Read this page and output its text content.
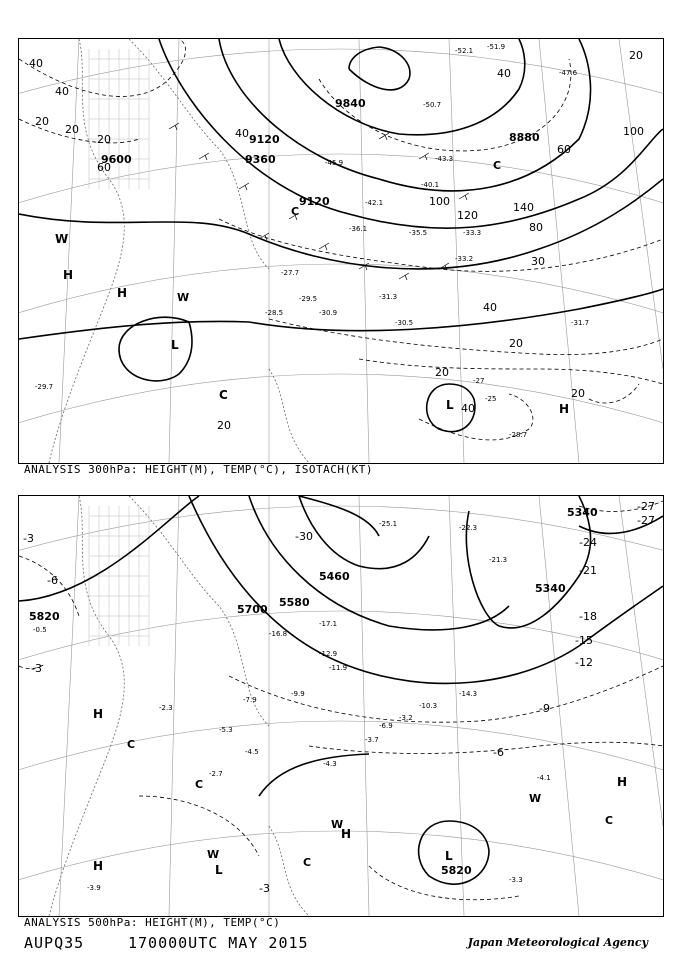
9600
9840
8880
9120
9360
9120
40
40
20
20
20
60
100
100
120
140
80
60
30
40
20
20
20
40
20
40
20
40
-31.3
-30.5	-31.7
-28.7
-30.9
-29.5
-33.2
-35.5
-42.1
-45.9
-50.7
-52.1 -51.9
-47.6
-43.3
-40.1
-36.1	-33.3
-27.7
-28.5
-29.7
-27
-25
W
H
H	W
L
C
C
L	H
C
ANALYSIS 300hPa: HEIGHT(M), TEMP(°C), ISOTACH(KT)
5820
5700
5580
5460
5340
5340
5820
-3
-6
-3
-30
-27
-27
-24
-21
-18
-15
-12
-9
-6
-3
-25.1	-22.3
-21.3
-17.1
-16.8
-14.3
-12.9
-11.9
-10.3
-9.9
-7.9
-6.9
-5.3
-4.5
-4.3
-4.1
-3.9
-3.7
-3.3
-3.2
-2.7
-2.3
-0.5
H
C
C
H
W
L
W
H
C	L
W
H
C
ANALYSIS 500hPa: HEIGHT(M), TEMP(°C)
AUPQ35	170000UTC MAY 2015	Japan Meteorological Agency
